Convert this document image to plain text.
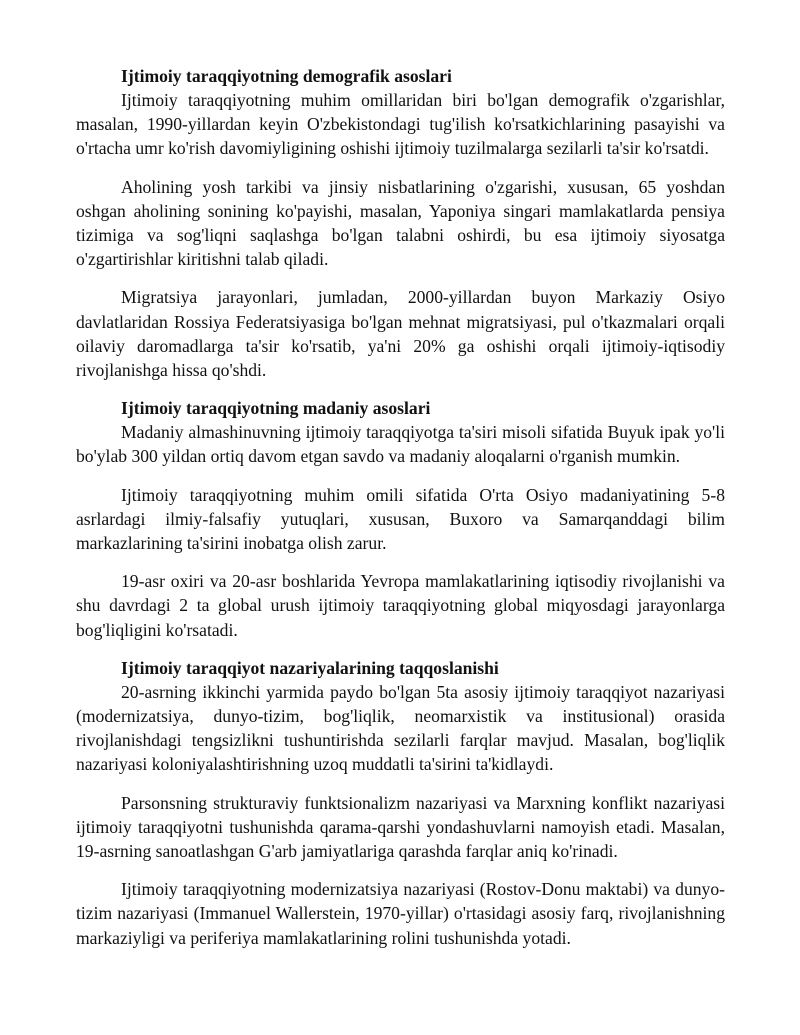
Ijtimoiy taraqqiyotning demografik asoslari

Ijtimoiy taraqqiyotning muhim omillaridan biri bo'lgan demografik o'zgarishlar, masalan, 1990-yillardan keyin O'zbekistondagi tug'ilish ko'rsatkichlarining pasayishi va o'rtacha umr ko'rish davomiyligining oshishi ijtimoiy tuzilmalarga sezilarli ta'sir ko'rsatdi.

Aholining yosh tarkibi va jinsiy nisbatlarining o'zgarishi, xususan, 65 yoshdan oshgan aholining sonining ko'payishi, masalan, Yaponiya singari mamlakatlarda pensiya tizimiga va sog'liqni saqlashga bo'lgan talabni oshirdi, bu esa ijtimoiy siyosatga o'zgartirishlar kiritishni talab qiladi.

Migratsiya jarayonlari, jumladan, 2000-yillardan buyon Markaziy Osiyo davlatlaridan Rossiya Federatsiyasiga bo'lgan mehnat migratsiyasi, pul o'tkazmalari orqali oilaviy daromadlarga ta'sir ko'rsatib, ya'ni 20% ga oshishi orqali ijtimoiy-iqtisodiy rivojlanishga hissa qo'shdi.

Ijtimoiy taraqqiyotning madaniy asoslari

Madaniy almashinuvning ijtimoiy taraqqiyotga ta'siri misoli sifatida Buyuk ipak yo'li bo'ylab 300 yildan ortiq davom etgan savdo va madaniy aloqalarni o'rganish mumkin.

Ijtimoiy taraqqiyotning muhim omili sifatida O'rta Osiyo madaniyatining 5-8 asrlardagi ilmiy-falsafiy yutuqlari, xususan, Buxoro va Samarqanddagi bilim markazlarining ta'sirini inobatga olish zarur.

19-asr oxiri va 20-asr boshlarida Yevropa mamlakatlarining iqtisodiy rivojlanishi va shu davrdagi 2 ta global urush ijtimoiy taraqqiyotning global miqyosdagi jarayonlarga bog'liqligini ko'rsatadi.

Ijtimoiy taraqqiyot nazariyalarining taqqoslanishi

20-asrning ikkinchi yarmida paydo bo'lgan 5ta asosiy ijtimoiy taraqqiyot nazariyasi (modernizatsiya, dunyo-tizim, bog'liqlik, neomarxistik va institusional) orasida rivojlanishdagi tengsizlikni tushuntirishda sezilarli farqlar mavjud. Masalan, bog'liqlik nazariyasi koloniyalashtirishning uzoq muddatli ta'sirini ta'kidlaydi.

Parsonsning strukturaviy funktsionalizm nazariyasi va Marxning konflikt nazariyasi ijtimoiy taraqqiyotni tushunishda qarama-qarshi yondashuvlarni namoyish etadi. Masalan, 19-asrning sanoatlashgan G'arb jamiyatlariga qarashda farqlar aniq ko'rinadi.

Ijtimoiy taraqqiyotning modernizatsiya nazariyasi (Rostov-Donu maktabi) va dunyo-tizim nazariyasi (Immanuel Wallerstein, 1970-yillar) o'rtasidagi asosiy farq, rivojlanishning markaziyligi va periferiya mamlakatlarining rolini tushunishda yotadi.
